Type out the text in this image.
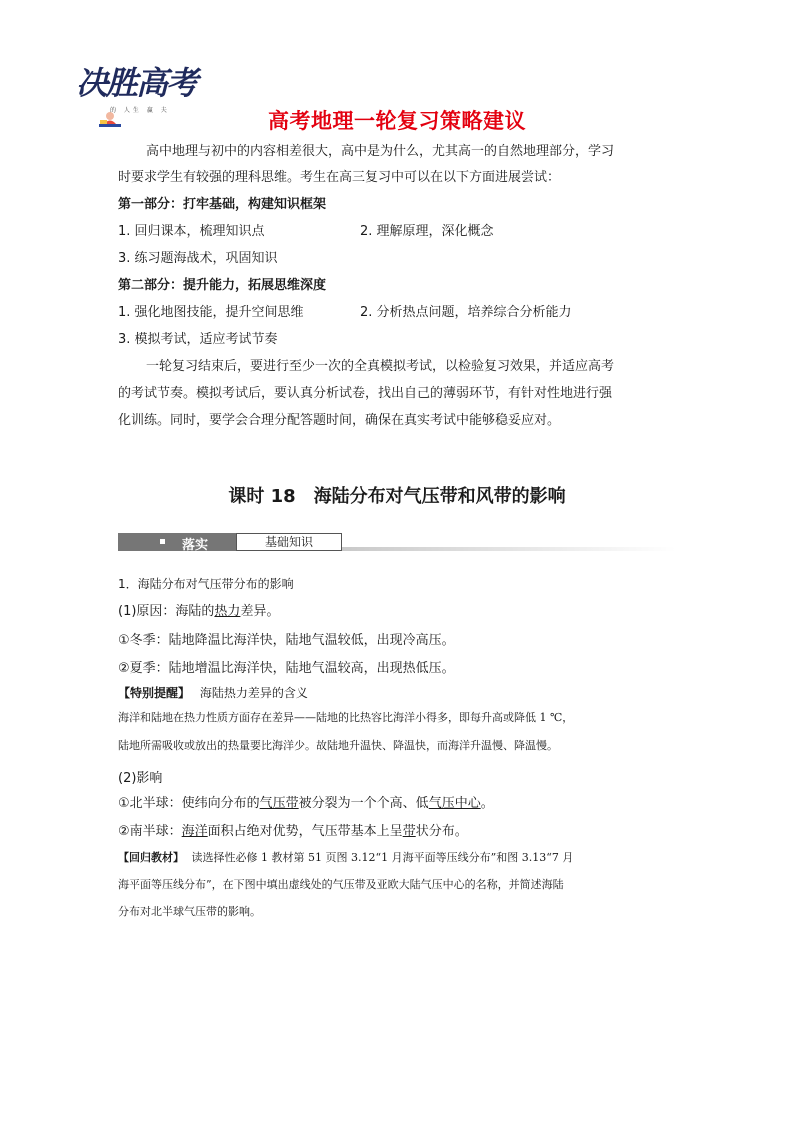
决胜高考
的 人生 赢 夫	高考地理一轮复习策略建议
高中地理与初中的内容相差很大，高中是为什么，尤其高一的自然地理部分，学习
时要求学生有较强的理科思维。考生在高三复习中可以在以下方面进展尝试：
第一部分：打牢基础，构建知识框架
1. 回归课本，梳理知识点	2. 理解原理，深化概念
3. 练习题海战术，巩固知识
第二部分：提升能力，拓展思维深度
1. 强化地图技能，提升空间思维	2. 分析热点问题，培养综合分析能力
3. 模拟考试，适应考试节奏
一轮复习结束后，要进行至少一次的全真模拟考试，以检验复习效果，并适应高考
的考试节奏。模拟考试后，要认真分析试卷，找出自己的薄弱环节，有针对性地进行强
化训练。同时，要学会合理分配答题时间，确保在真实考试中能够稳妥应对。
课时 18　海陆分布对气压带和风带的影响
落实	基础知识
1．海陆分布对气压带分布的影响
(1)原因：海陆的热力差异。
①冬季：陆地降温比海洋快，陆地气温较低，出现冷高压。
②夏季：陆地增温比海洋快，陆地气温较高，出现热低压。
【特别提醒】 海陆热力差异的含义
海洋和陆地在热力性质方面存在差异——陆地的比热容比海洋小得多，即每升高或降低 1 ℃，
陆地所需吸收或放出的热量要比海洋少。故陆地升温快、降温快，而海洋升温慢、降温慢。
(2)影响
①北半球：使纬向分布的气压带被分裂为一个个高、低气压中心。
②南半球：海洋面积占绝对优势，气压带基本上呈带状分布。
【回归教材】 读选择性必修 1 教材第 51 页图 3.12“1 月海平面等压线分布”和图 3.13“7 月
海平面等压线分布”，在下图中填出虚线处的气压带及亚欧大陆气压中心的名称，并简述海陆
分布对北半球气压带的影响。
